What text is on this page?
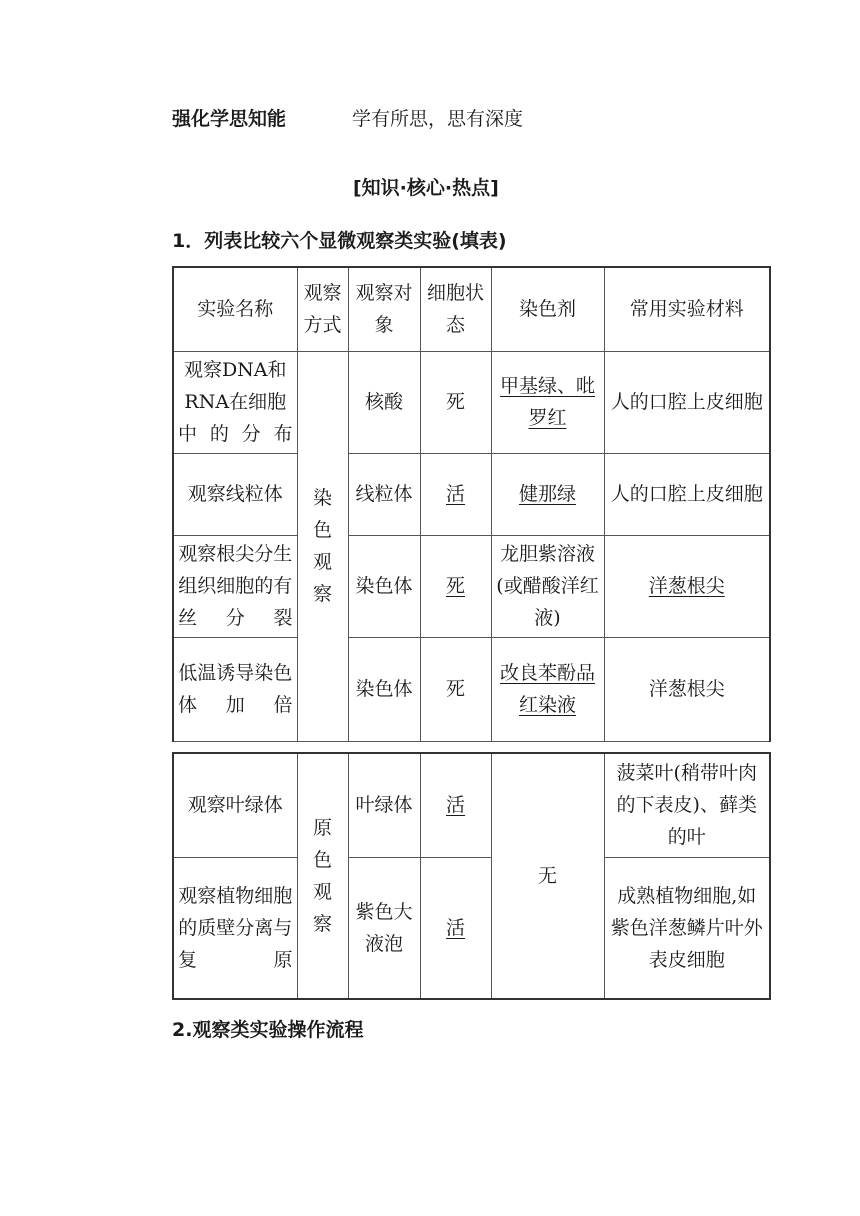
强化学思知能	学有所思，思有深度
[知识·核心·热点]
1．列表比较六个显微观察类实验(填表)
实验名称	观察方式	观察对象	细胞状态	染色剂	常用实验材料
观察DNA和RNA在细胞中的分布	染色观察	核酸	死	甲基绿、吡罗红	人的口腔上皮细胞
观察线粒体		线粒体	活	健那绿	人的口腔上皮细胞
观察根尖分生组织细胞的有丝分裂		染色体	死	龙胆紫溶液(或醋酸洋红液)	洋葱根尖
低温诱导染色体加倍		染色体	死	改良苯酚品红染液	洋葱根尖
观察叶绿体	原色观察	叶绿体	活	无	菠菜叶(稍带叶肉的下表皮)、藓类的叶
观察植物细胞的质壁分离与复原		紫色大液泡	活		成熟植物细胞,如紫色洋葱鳞片叶外表皮细胞
2.观察类实验操作流程
